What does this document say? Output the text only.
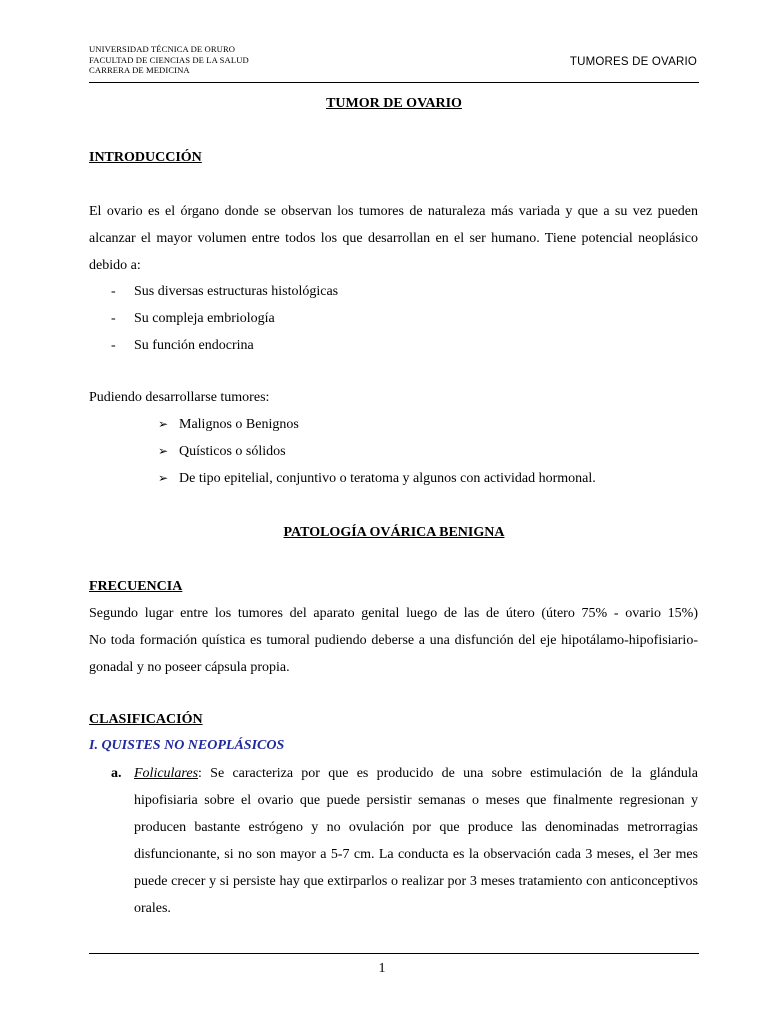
UNIVERSIDAD TÉCNICA DE ORURO
FACULTAD DE CIENCIAS DE LA SALUD
CARRERA DE MEDICINA
TUMORES DE OVARIO
TUMOR DE OVARIO
INTRODUCCIÓN
El ovario es el órgano donde se observan los tumores de naturaleza más variada y que a su vez pueden alcanzar el mayor volumen entre todos los que desarrollan en el ser humano. Tiene potencial neoplásico debido a:
- Sus diversas estructuras histológicas
- Su compleja embriología
- Su función endocrina
Pudiendo desarrollarse tumores:
➢ Malignos o Benignos
➢ Quísticos o sólidos
➢ De tipo epitelial, conjuntivo o teratoma y algunos con actividad hormonal.
PATOLOGÍA OVÁRICA BENIGNA
FRECUENCIA
Segundo lugar entre los tumores del aparato genital luego de las de útero (útero 75% - ovario 15%)
No toda formación quística es tumoral pudiendo deberse a una disfunción del eje hipotálamo-hipofisiario-gonadal y no poseer cápsula propia.
CLASIFICACIÓN
I. QUISTES NO NEOPLÁSICOS
a. Foliculares: Se caracteriza por que es producido de una sobre estimulación de la glándula hipofisiaria sobre el ovario que puede persistir semanas o meses que finalmente regresionan y producen bastante estrógeno y no ovulación por que produce las denominadas metrorragias disfuncionante, si no son mayor a 5-7 cm. La conducta es la observación cada 3 meses, el 3er mes puede crecer y si persiste hay que extirparlos o realizar por 3 meses tratamiento con anticonceptivos orales.
1
